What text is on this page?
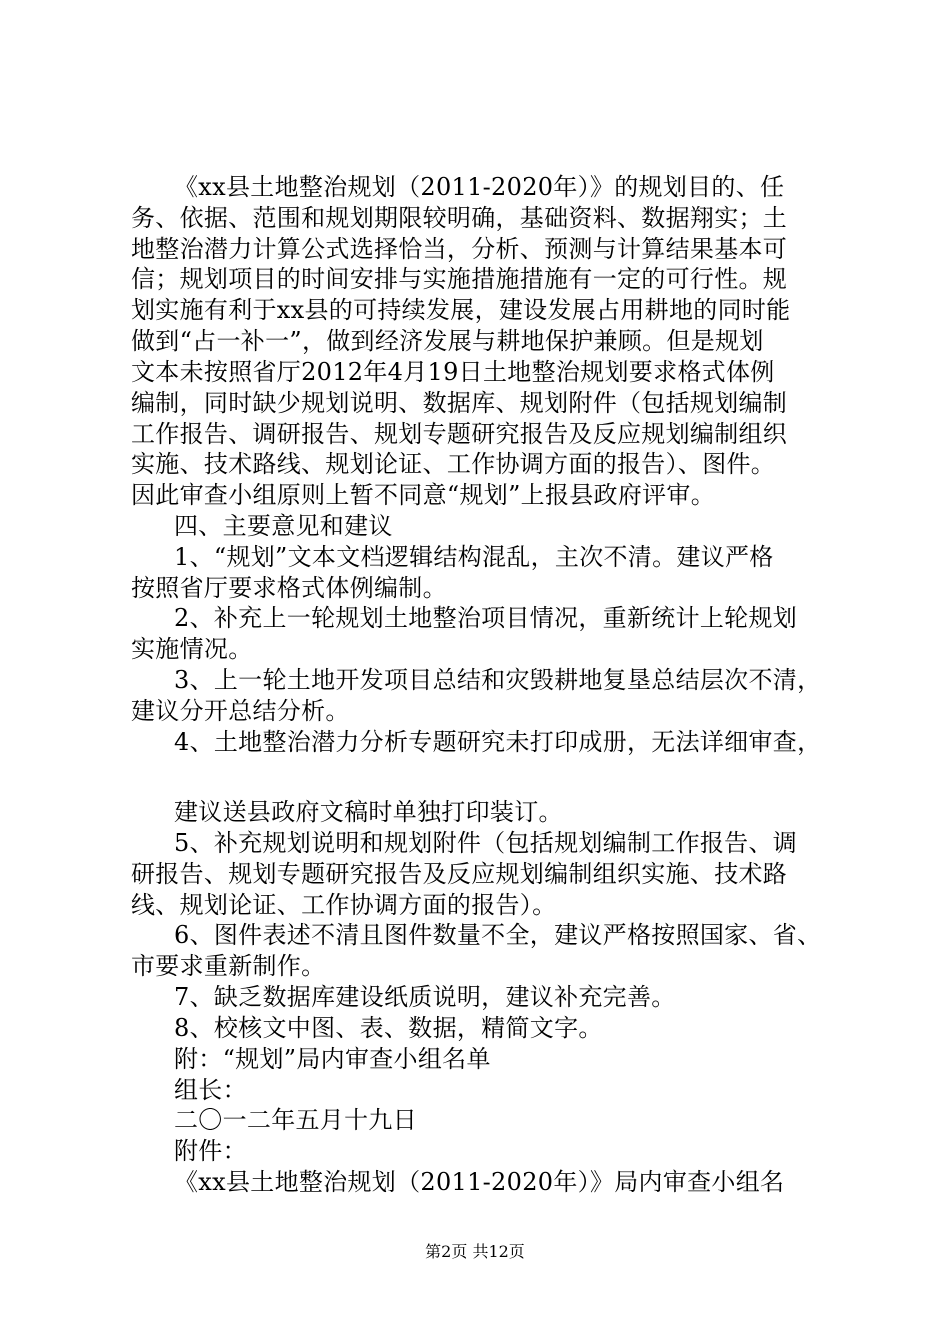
《xx县土地整治规划（2011-2020年）》的规划目的、任
务、依据、范围和规划期限较明确，基础资料、数据翔实；土
地整治潜力计算公式选择恰当，分析、预测与计算结果基本可
信；规划项目的时间安排与实施措施措施有一定的可行性。规
划实施有利于xx县的可持续发展，建设发展占用耕地的同时能
做到“占一补一”，做到经济发展与耕地保护兼顾。但是规划
文本未按照省厅2012年4月19日土地整治规划要求格式体例
编制，同时缺少规划说明、数据库、规划附件（包括规划编制
工作报告、调研报告、规划专题研究报告及反应规划编制组织
实施、技术路线、规划论证、工作协调方面的报告）、图件。
因此审查小组原则上暂不同意“规划”上报县政府评审。
四、主要意见和建议
1、“规划”文本文档逻辑结构混乱，主次不清。建议严格
按照省厅要求格式体例编制。
2、补充上一轮规划土地整治项目情况，重新统计上轮规划
实施情况。
3、上一轮土地开发项目总结和灾毁耕地复垦总结层次不清，
建议分开总结分析。
4、土地整治潜力分析专题研究未打印成册，无法详细审查，
建议送县政府文稿时单独打印装订。
5、补充规划说明和规划附件（包括规划编制工作报告、调
研报告、规划专题研究报告及反应规划编制组织实施、技术路
线、规划论证、工作协调方面的报告）。
6、图件表述不清且图件数量不全，建议严格按照国家、省、
市要求重新制作。
7、缺乏数据库建设纸质说明，建议补充完善。
8、校核文中图、表、数据，精简文字。
附：“规划”局内审查小组名单
组长：
二〇一二年五月十九日
附件：
《xx县土地整治规划（2011-2020年）》局内审查小组名
第2页 共12页
